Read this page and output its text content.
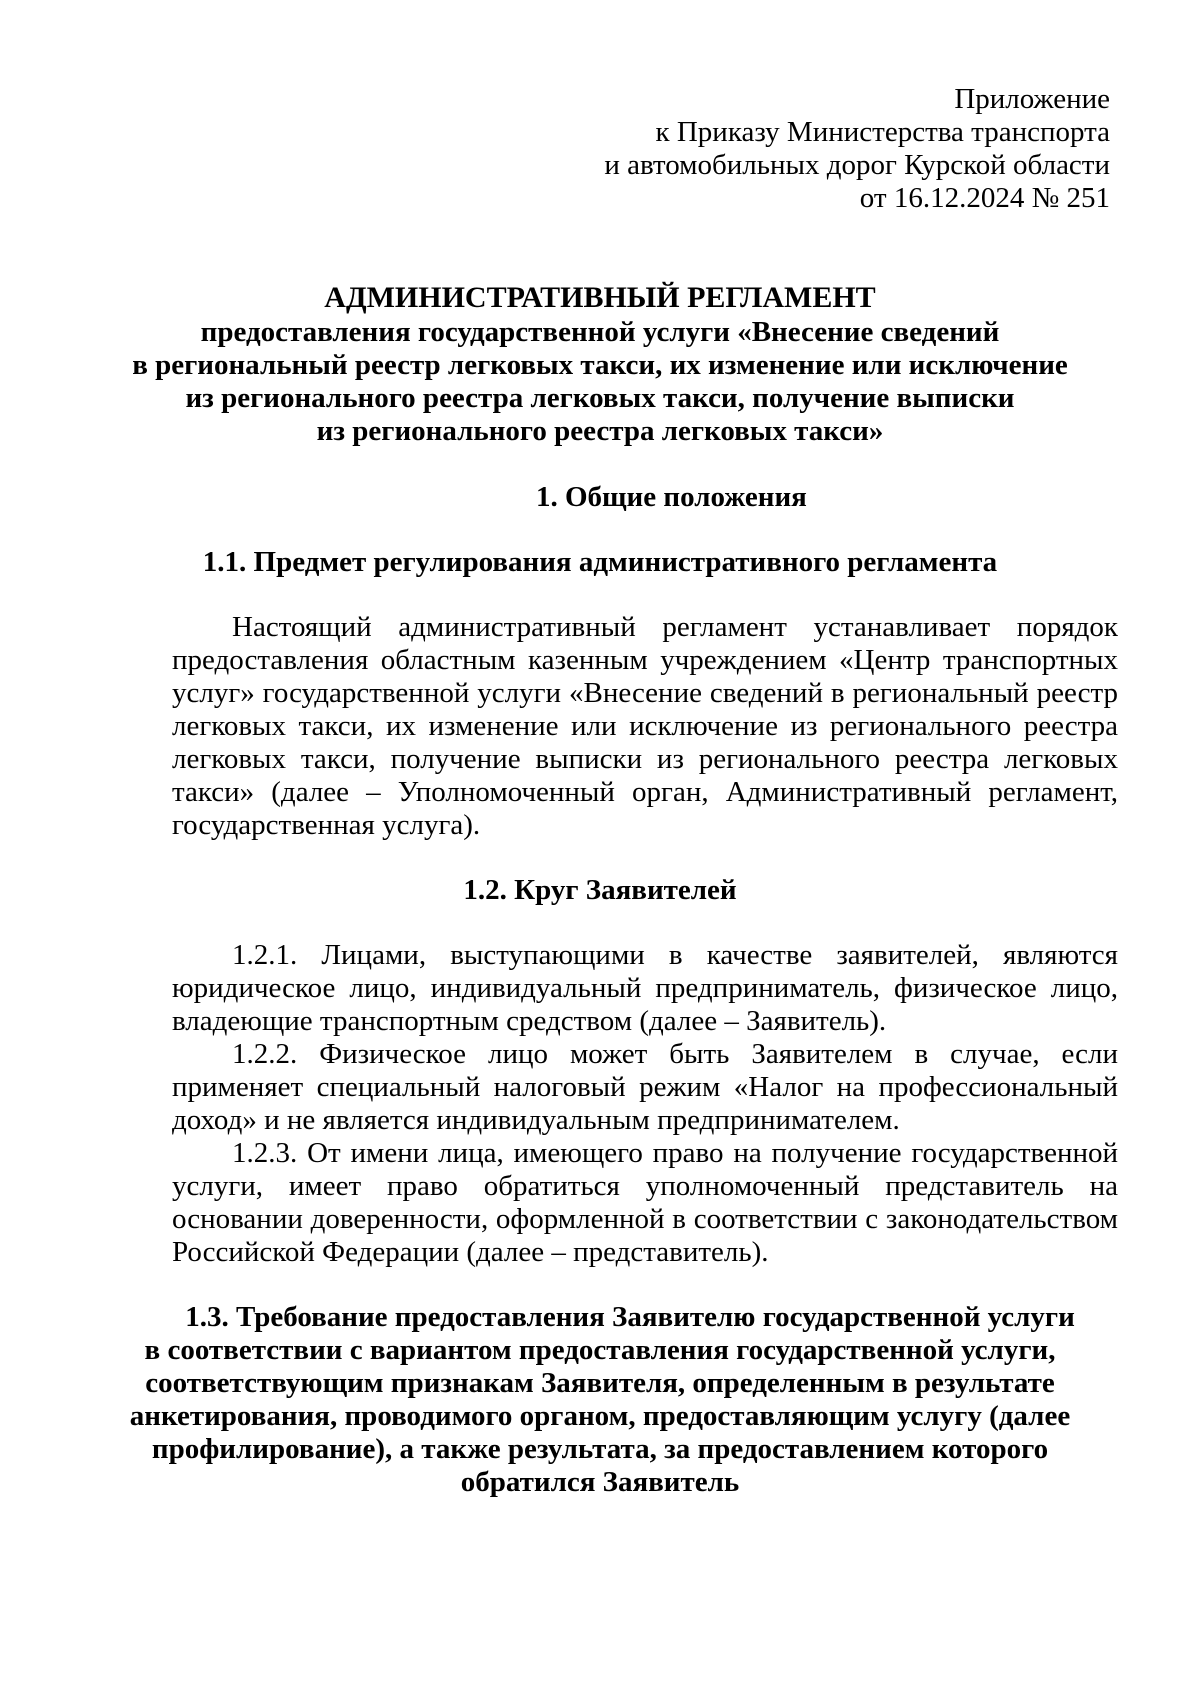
Приложение
к Приказу Министерства транспорта
и автомобильных дорог Курской области
от 16.12.2024 № 251
АДМИНИСТРАТИВНЫЙ РЕГЛАМЕНТ
предоставления государственной услуги «Внесение сведений
в региональный реестр легковых такси, их изменение или исключение
из регионального реестра легковых такси, получение выписки
из регионального реестра легковых такси»
1. Общие положения
1.1. Предмет регулирования административного регламента
Настоящий административный регламент устанавливает порядок
предоставления областным казенным учреждением «Центр транспортных
услуг» государственной услуги «Внесение сведений в региональный реестр
легковых такси, их изменение или исключение из регионального реестра
легковых такси, получение выписки из регионального реестра легковых
такси» (далее – Уполномоченный орган, Административный регламент,
государственная услуга).
1.2. Круг Заявителей
1.2.1. Лицами, выступающими в качестве заявителей, являются
юридическое лицо, индивидуальный предприниматель, физическое лицо,
владеющие транспортным средством (далее – Заявитель).
1.2.2. Физическое лицо может быть Заявителем в случае, если
применяет специальный налоговый режим «Налог на профессиональный
доход» и не является индивидуальным предпринимателем.
1.2.3. От имени лица, имеющего право на получение государственной
услуги, имеет право обратиться уполномоченный представитель на
основании доверенности, оформленной в соответствии с законодательством
Российской Федерации (далее – представитель).
1.3. Требование предоставления Заявителю государственной услуги
в соответствии с вариантом предоставления государственной услуги,
соответствующим признакам Заявителя, определенным в результате
анкетирования, проводимого органом, предоставляющим услугу (далее
профилирование), а также результата, за предоставлением которого
обратился Заявитель
